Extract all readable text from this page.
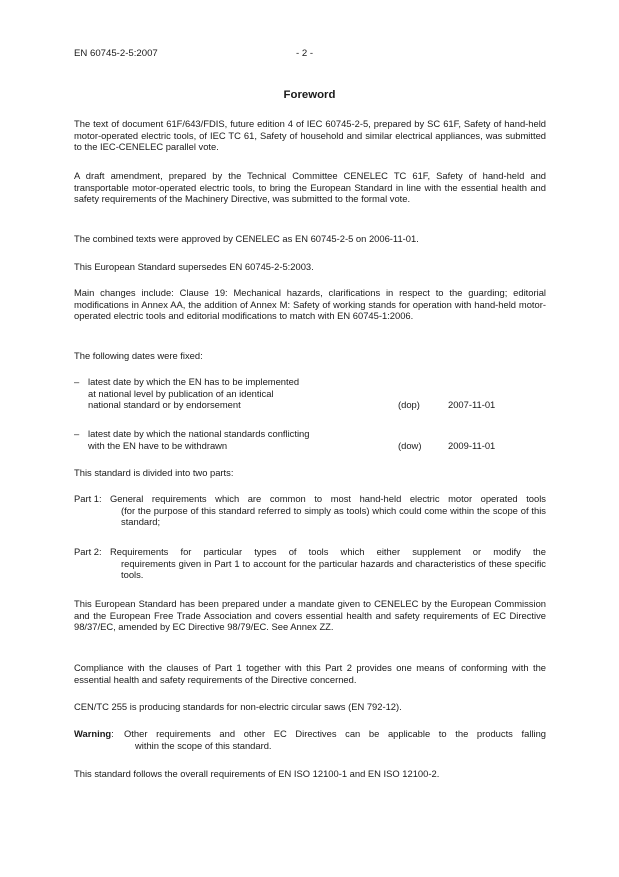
EN 60745-2-5:2007	- 2 -
Foreword

The text of document 61F/643/FDIS, future edition 4 of IEC 60745-2-5, prepared by SC 61F, Safety of hand-held motor-operated electric tools, of IEC TC 61, Safety of household and similar electrical appliances, was submitted to the IEC-CENELEC parallel vote.

A draft amendment, prepared by the Technical Committee CENELEC TC 61F, Safety of hand-held and transportable motor-operated electric tools, to bring the European Standard in line with the essential health and safety requirements of the Machinery Directive, was submitted to the formal vote.

The combined texts were approved by CENELEC as EN 60745-2-5 on 2006-11-01.

This European Standard supersedes EN 60745-2-5:2003.

Main changes include: Clause 19: Mechanical hazards, clarifications in respect to the guarding; editorial modifications in Annex AA, the addition of Annex M: Safety of working stands for operation with hand-held motor-operated electric tools and editorial modifications to match with EN 60745-1:2006.

The following dates were fixed:

– latest date by which the EN has to be implemented
at national level by publication of an identical
national standard or by endorsement	(dop)	2007-11-01
– latest date by which the national standards conflicting
with the EN have to be withdrawn	(dow)	2009-11-01

This standard is divided into two parts:

Part 1: General requirements which are common to most hand-held electric motor operated tools
(for the purpose of this standard referred to simply as tools) which could come within the scope of this standard;
Part 2: Requirements for particular types of tools which either supplement or modify the
requirements given in Part 1 to account for the particular hazards and characteristics of these specific tools.

This European Standard has been prepared under a mandate given to CENELEC by the European Commission and the European Free Trade Association and covers essential health and safety requirements of EC Directive 98/37/EC, amended by EC Directive 98/79/EC. See Annex ZZ.

Compliance with the clauses of Part 1 together with this Part 2 provides one means of conforming with the essential health and safety requirements of the Directive concerned.

CEN/TC 255 is producing standards for non-electric circular saws (EN 792-12).

Warning: Other requirements and other EC Directives can be applicable to the products falling
within the scope of this standard.

This standard follows the overall requirements of EN ISO 12100-1 and EN ISO 12100-2.
